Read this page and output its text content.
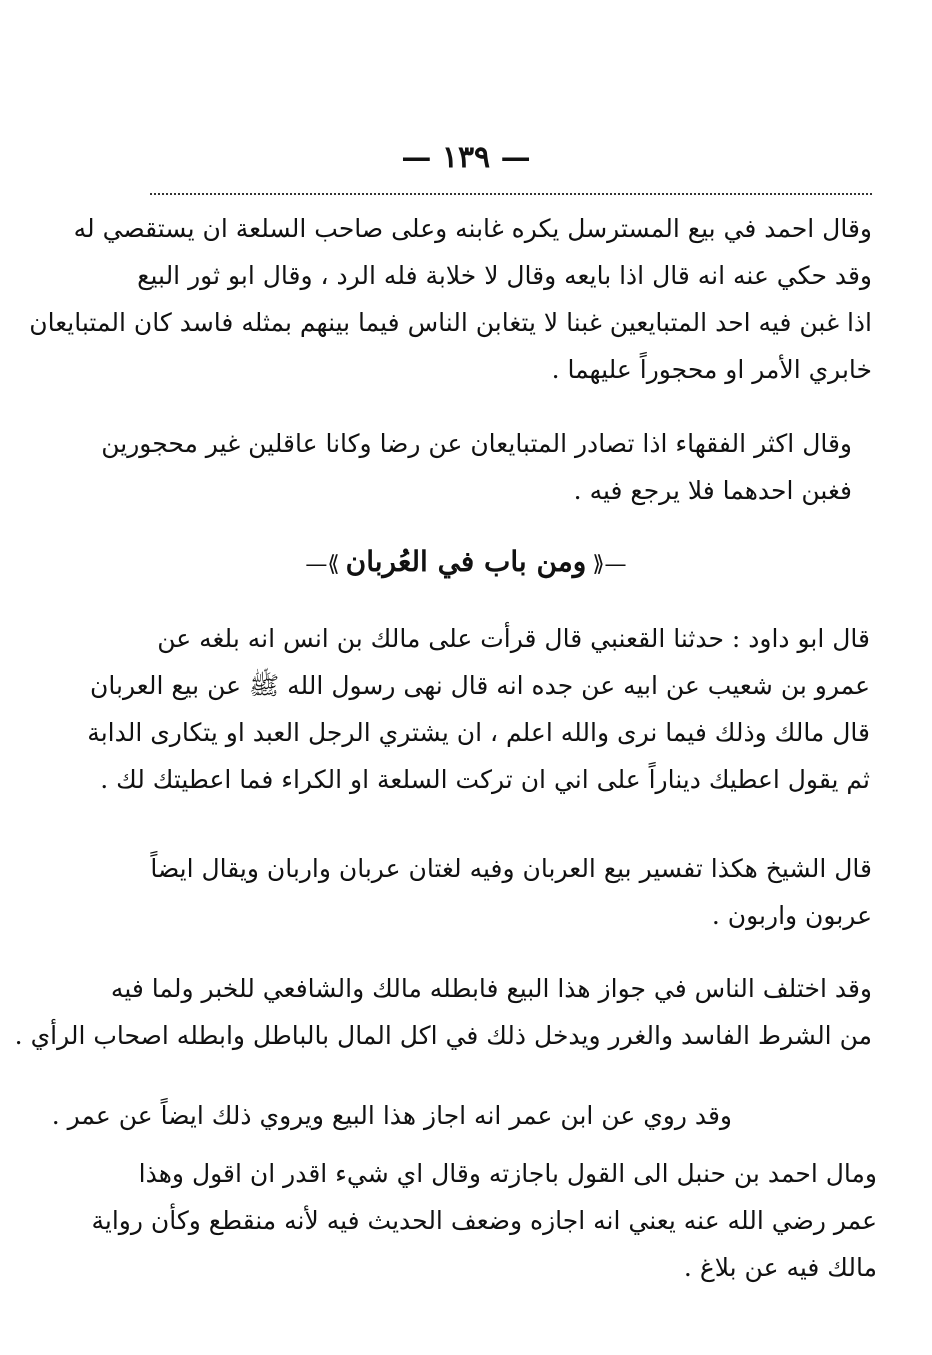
— ١٣٩ —
وقال احمد في بيع المسترسل يكره غابنه وعلى صاحب السلعة ان يستقصي له
وقد حكي عنه انه قال اذا بايعه وقال لا خلابة فله الرد ، وقال ابو ثور البيع
اذا غبن فيه احد المتبايعين غبنا لا يتغابن الناس فيما بينهم بمثله فاسد كان المتبايعان
خابري الأمر او محجوراً عليهما .
وقال اكثر الفقهاء اذا تصادر المتبايعان عن رضا وكانا عاقلين غير محجورين
فغبن احدهما فلا يرجع فيه .
—⟪ومن باب في العُربان⟫—
قال ابو داود : حدثنا القعنبي قال قرأت على مالك بن انس انه بلغه عن
عمرو بن شعيب عن ابيه عن جده انه قال نهى رسول الله ﷺ عن بيع العربان
قال مالك وذلك فيما نرى والله اعلم ، ان يشتري الرجل العبد او يتكارى الدابة
ثم يقول اعطيك ديناراً على اني ان تركت السلعة او الكراء فما اعطيتك لك .
قال الشيخ هكذا تفسير بيع العربان وفيه لغتان عربان واربان ويقال ايضاً
عربون واربون .
وقد اختلف الناس في جواز هذا البيع فابطله مالك والشافعي للخبر ولما فيه
من الشرط الفاسد والغرر ويدخل ذلك في اكل المال بالباطل وابطله اصحاب الرأي .
وقد روي عن ابن عمر انه اجاز هذا البيع ويروي ذلك ايضاً عن عمر .
ومال احمد بن حنبل الى القول باجازته وقال اي شيء اقدر ان اقول وهذا
عمر رضي الله عنه يعني انه اجازه وضعف الحديث فيه لأنه منقطع وكأن رواية
مالك فيه عن بلاغ .
